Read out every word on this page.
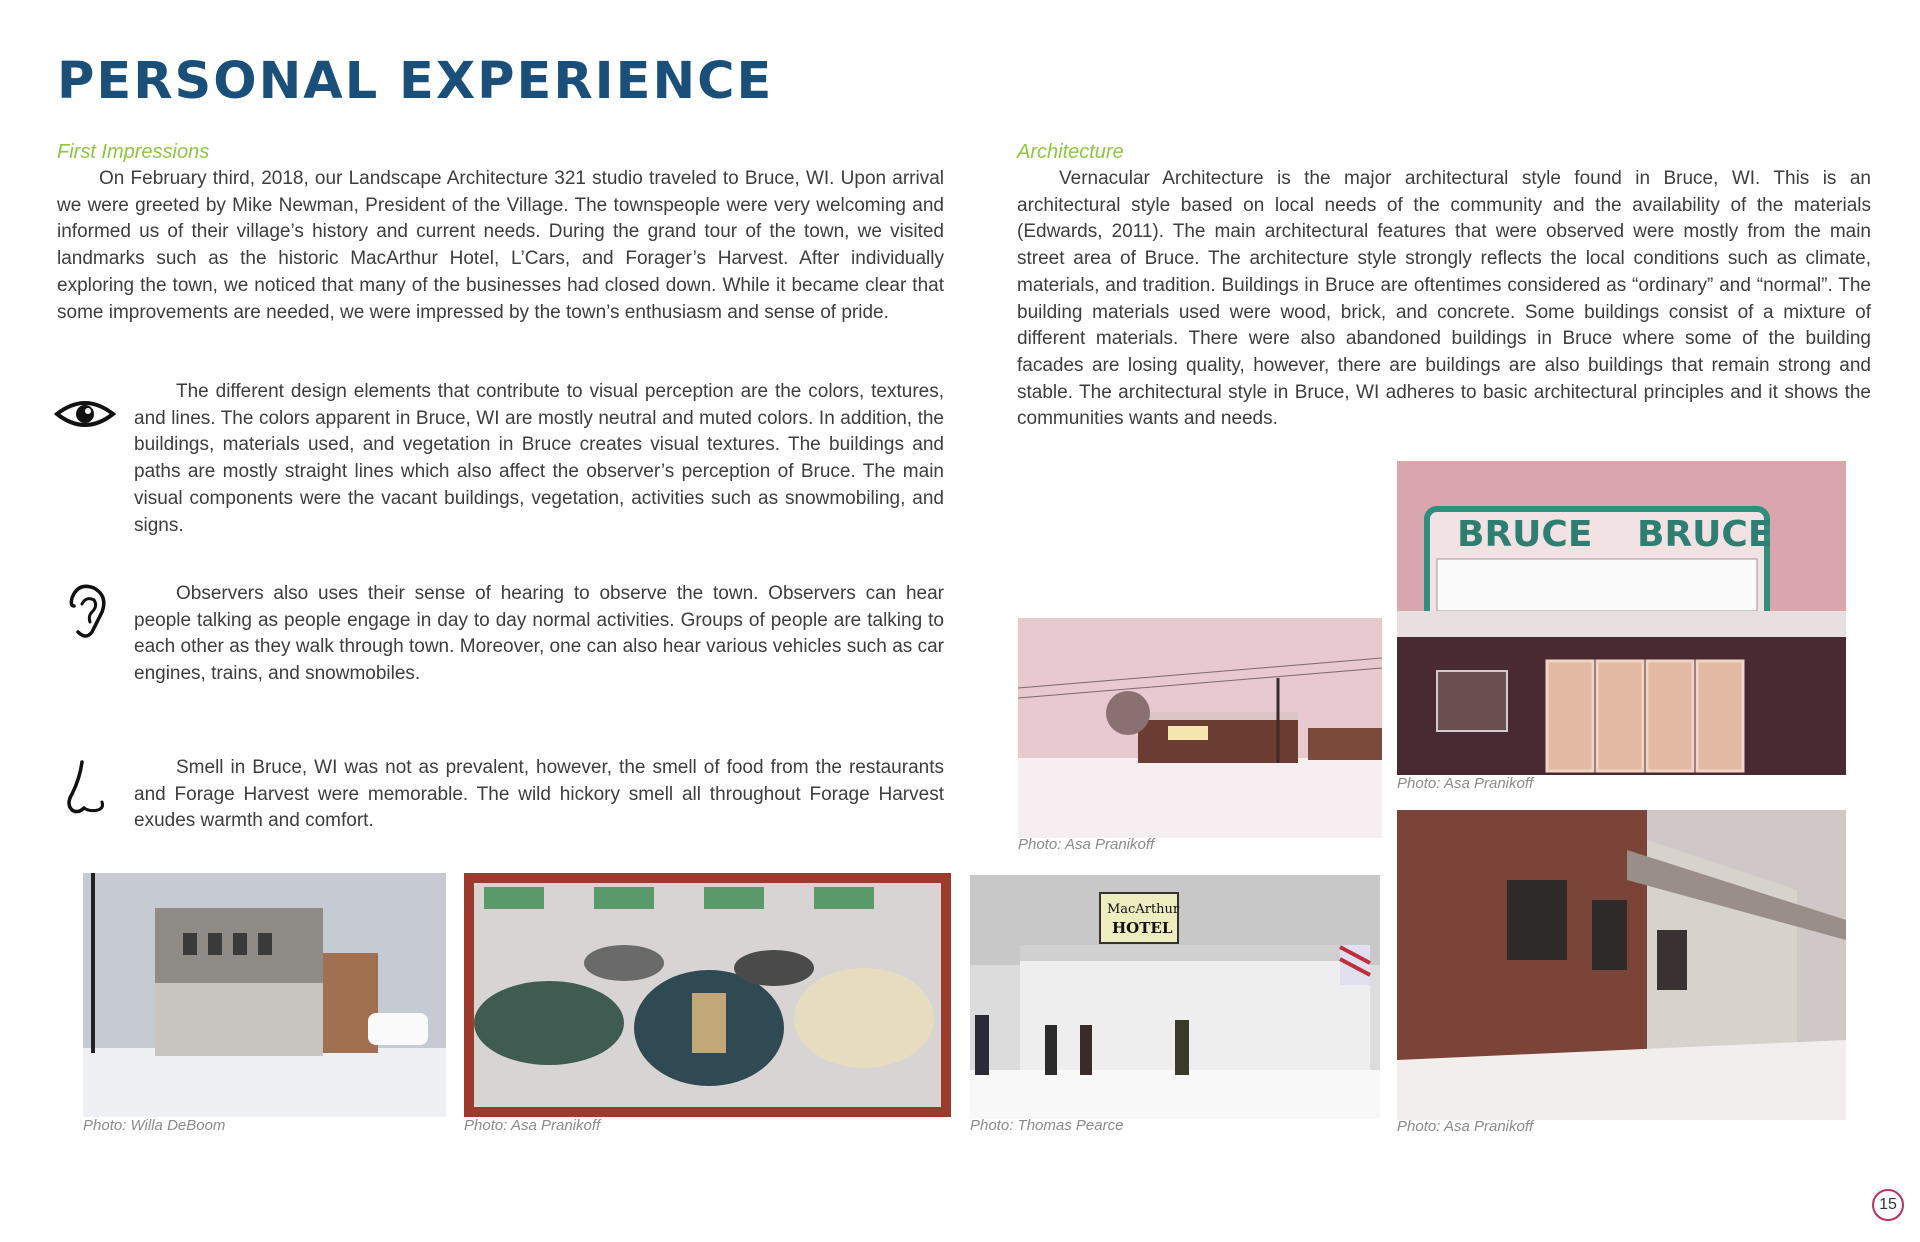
PERSONAL EXPERIENCE
First Impressions

On February third, 2018, our Landscape Architecture 321 studio traveled to Bruce, WI. Upon arrival we were greeted by Mike Newman, President of the Village. The townspeople were very welcoming and informed us of their village’s history and current needs. During the grand tour of the town, we visited landmarks such as the historic MacArthur Hotel, L’Cars, and Forager’s Harvest. After individually exploring the town, we noticed that many of the businesses had closed down. While it became clear that some improvements are needed, we were impressed by the town’s enthusiasm and sense of pride.

The different design elements that contribute to visual perception are the colors, textures, and lines. The colors apparent in Bruce, WI are mostly neutral and muted colors. In addition, the buildings, materials used, and vegetation in Bruce creates visual textures. The buildings and paths are mostly straight lines which also affect the observer’s perception of Bruce. The main visual components were the vacant buildings, vegetation, activities such as snowmobiling, and signs.

Observers also uses their sense of hearing to observe the town. Observers can hear people talking as people engage in day to day normal activities. Groups of people are talking to each other as they walk through town. Moreover, one can also hear various vehicles such as car engines, trains, and snowmobiles.

Smell in Bruce, WI was not as prevalent, however, the smell of food from the restaurants and Forage Harvest were memorable. The wild hickory smell all throughout Forage Harvest exudes warmth and comfort.

Architecture

Vernacular Architecture is the major architectural style found in Bruce, WI. This is an architectural style based on local needs of the community and the availability of the materials (Edwards, 2011). The main architectural features that were observed were mostly from the main street area of Bruce. The architecture style strongly reflects the local conditions such as climate, materials, and tradition. Buildings in Bruce are oftentimes considered as “ordinary” and “normal”. The building materials used were wood, brick, and concrete. Some buildings consist of a mixture of different materials. There were also abandoned buildings in Bruce where some of the building facades are losing quality, however, there are buildings are also buildings that remain strong and stable. The architectural style in Bruce, WI adheres to basic architectural principles and it shows the communities wants and needs.

BRUCE BRUCE

Photo: Asa Pranikoff

Photo: Asa Pranikoff

Photo: Asa Pranikoff

Photo: Willa DeBoom	Photo: Asa Pranikoff

MacArthur
HOTEL

Photo: Thomas Pearce

15
